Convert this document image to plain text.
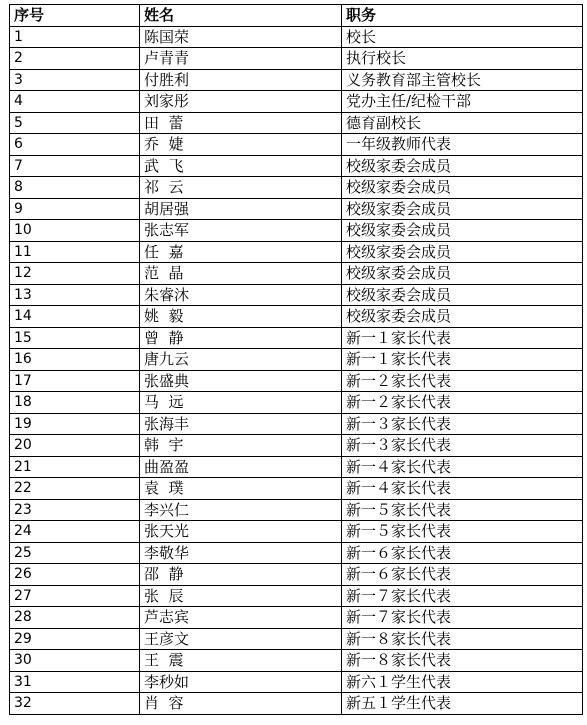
序号	姓名	职务
1	陈国荣	校长
2	卢青青	执行校长
3	付胜利	义务教育部主管校长
4	刘家彤	党办主任/纪检干部
5	田  蕾	德育副校长
6	乔  婕	一年级教师代表
7	武  飞	校级家委会成员
8	祁  云	校级家委会成员
9	胡居强	校级家委会成员
10	张志军	校级家委会成员
11	任  嘉	校级家委会成员
12	范  晶	校级家委会成员
13	朱睿沐	校级家委会成员
14	姚  毅	校级家委会成员
15	曾  静	新一１家长代表
16	唐九云	新一１家长代表
17	张盛典	新一２家长代表
18	马  远	新一２家长代表
19	张海丰	新一３家长代表
20	韩  宇	新一３家长代表
21	曲盈盈	新一４家长代表
22	袁  璞	新一４家长代表
23	李兴仁	新一５家长代表
24	张天光	新一５家长代表
25	李敬华	新一６家长代表
26	邵  静	新一６家长代表
27	张  辰	新一７家长代表
28	芦志宾	新一７家长代表
29	王彦文	新一８家长代表
30	王  震	新一８家长代表
31	李秒如	新六１学生代表
32	肖  容	新五１学生代表
